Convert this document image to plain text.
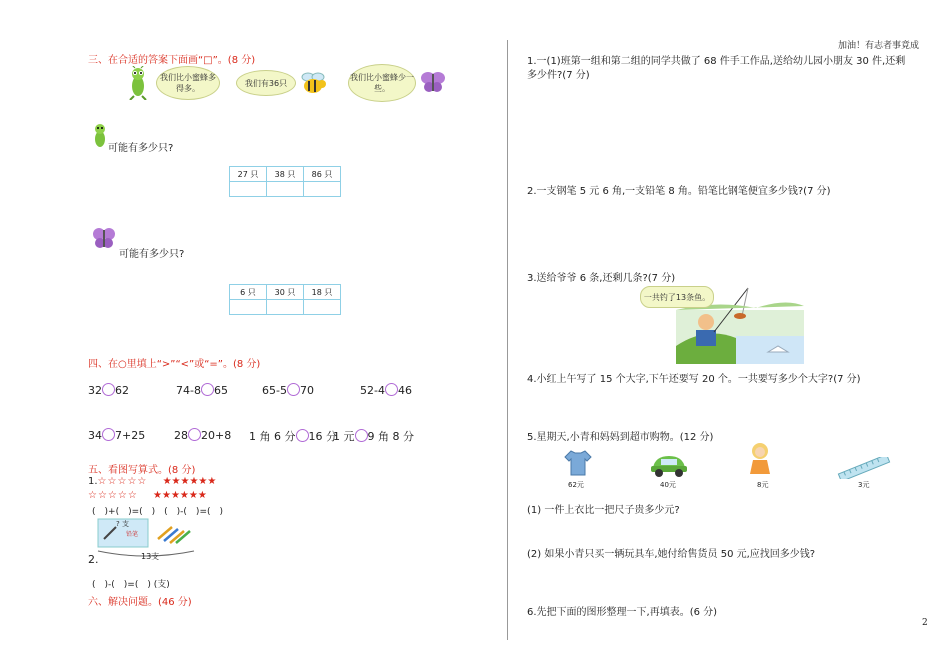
加油！有志者事竟成
2
三、在合适的答案下面画“□”。(8 分)
我们比小蜜蜂多得多。
我们有36只
我们比小蜜蜂少一些。
可能有多少只?
27 只	38 只	86 只

可能有多少只?
6 只	30 只	18 只

四、在○里填上“>”“<”或“=”。(8 分)
32 62	74-8 65	65-5 70	52-4 46
34 7+25	28 20+8 1 角 6 分 16 分
1 元 9 角 8 分
五、看图写算式。(8 分)
1.☆☆☆☆☆ ★★★★★★
☆☆☆☆☆ ★★★★★★
(　)+(　)=(　)　(　)-(　)=(　)
? 支
铅笔
13支
2.
(　)-(　)=(　) (支)
六、解决问题。(46 分)
1.一(1)班第一组和第二组的同学共做了 68 件手工作品,送给幼儿园小朋友 30 件,还剩
多少件?(7 分)
2.一支钢笔 5 元 6 角,一支铅笔 8 角。铅笔比钢笔便宜多少钱?(7 分)
3.送给爷爷 6 条,还剩几条?(7 分)
一共钓了13条鱼。
4.小红上午写了 15 个大字,下午还要写 20 个。一共要写多少个大字?(7 分)
5.星期天,小青和妈妈到超市购物。(12 分)
62元	40元	8元	3元
(1) 一件上衣比一把尺子贵多少元?
(2) 如果小青只买一辆玩具车,她付给售货员 50 元,应找回多少钱?
6.先把下面的图形整理一下,再填表。(6 分)
